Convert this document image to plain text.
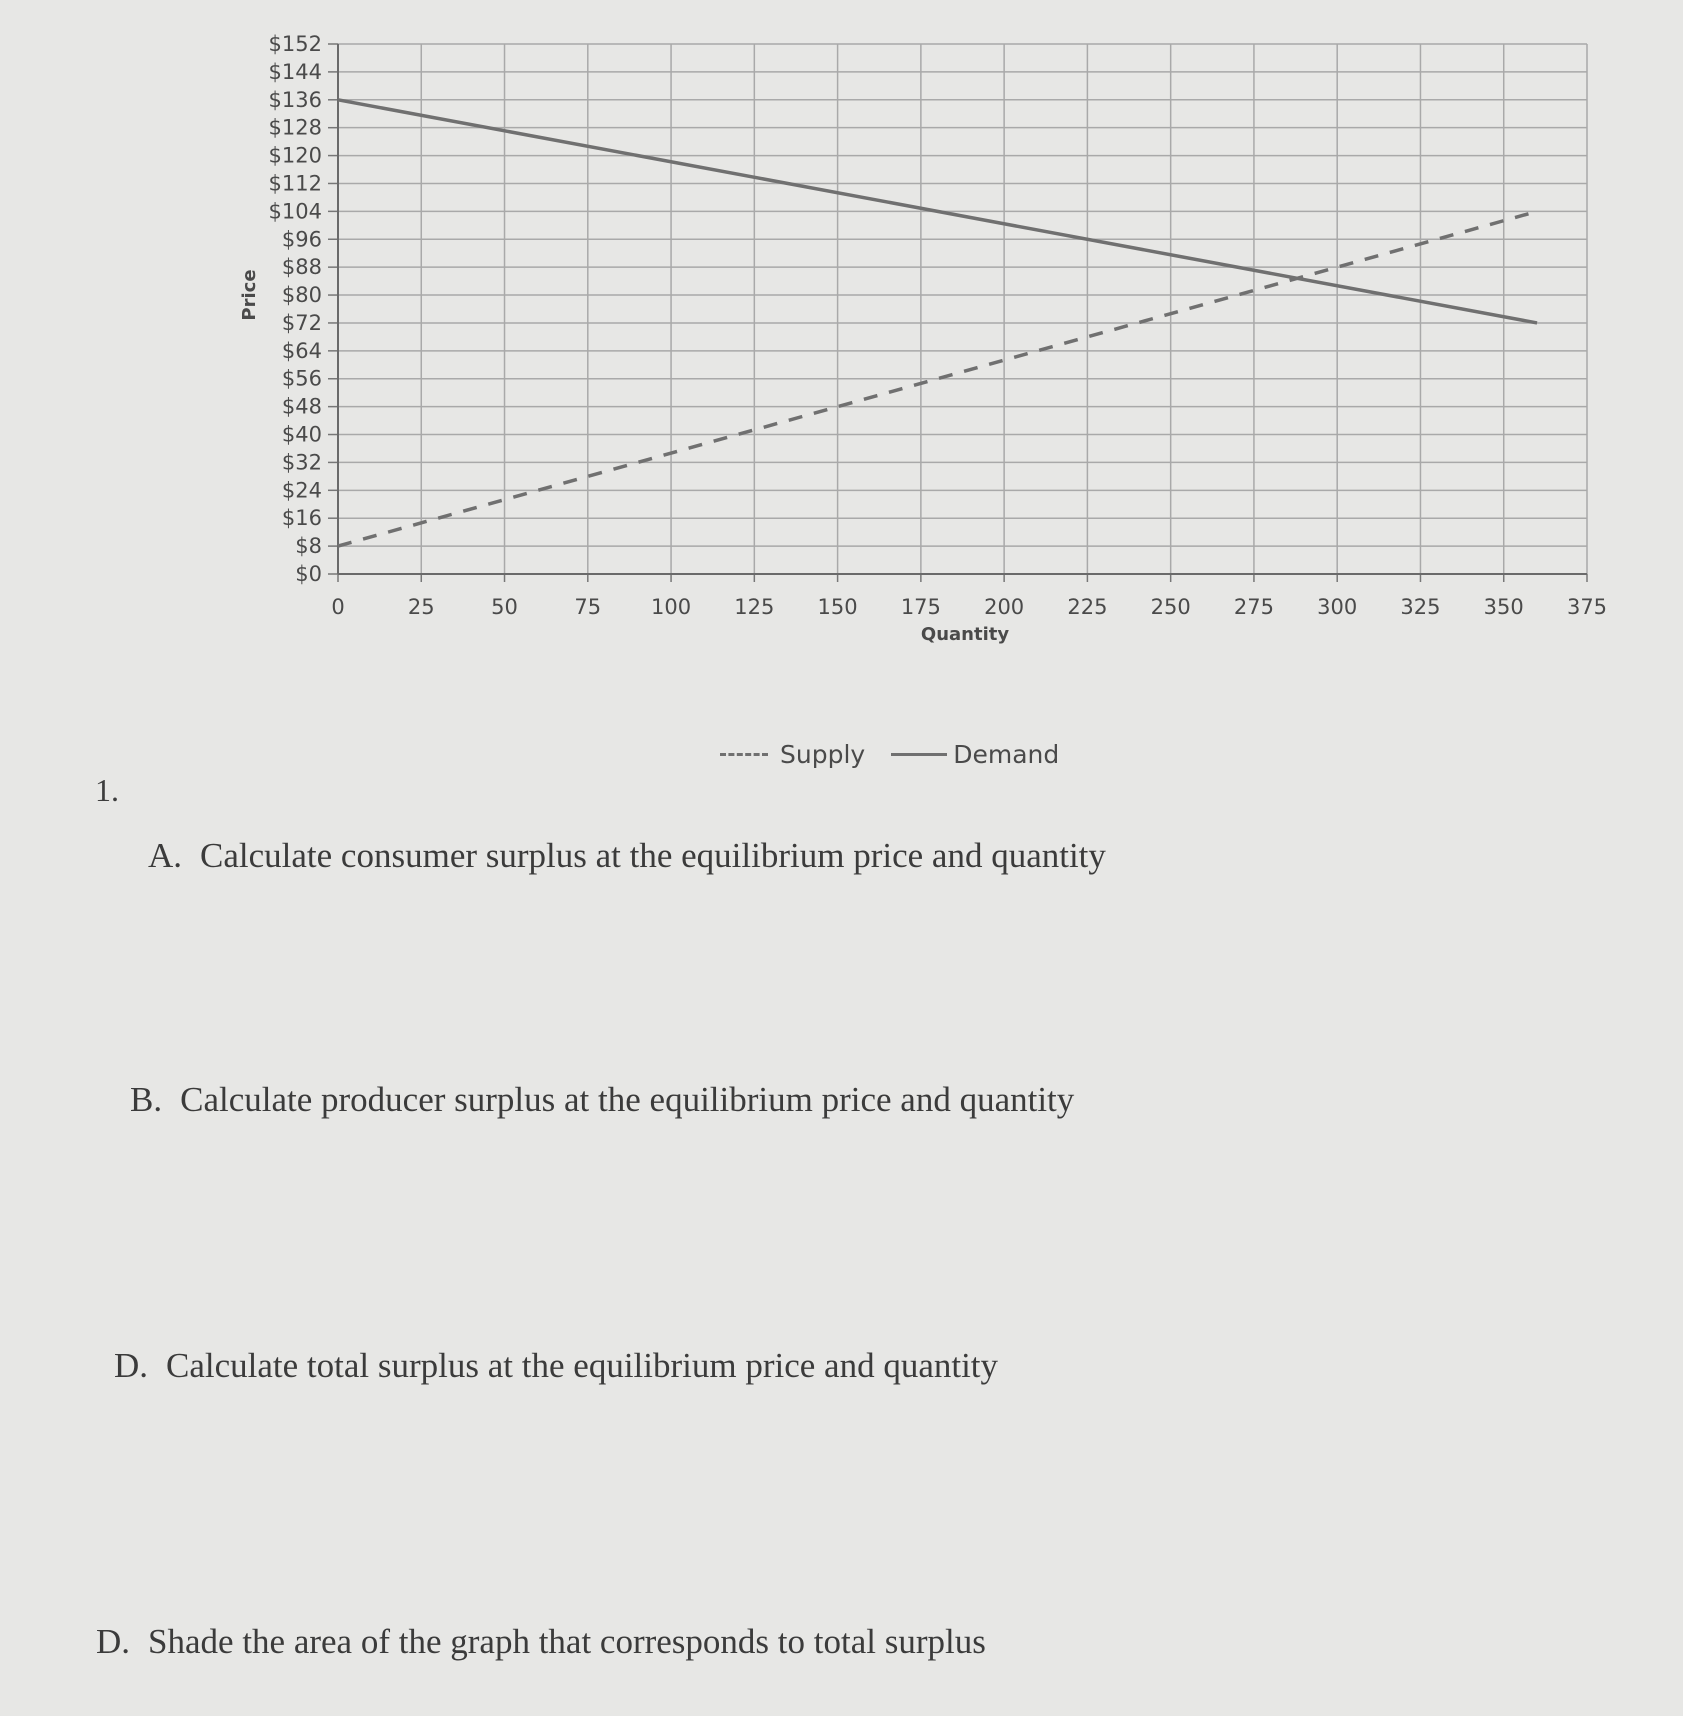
$0
$8
$16
$24
$32
$40
$48
$56
$64
$72
$80
$88
$96
$104
$112
$120
$128
$136
$144
$152
0	25	50	75 100 125 150 175 200 225 250 275 300 325 350 375
Price
Quantity
Supply	Demand
1.
A. Calculate consumer surplus at the equilibrium price and quantity
B. Calculate producer surplus at the equilibrium price and quantity
D. Calculate total surplus at the equilibrium price and quantity
D. Shade the area of the graph that corresponds to total surplus
